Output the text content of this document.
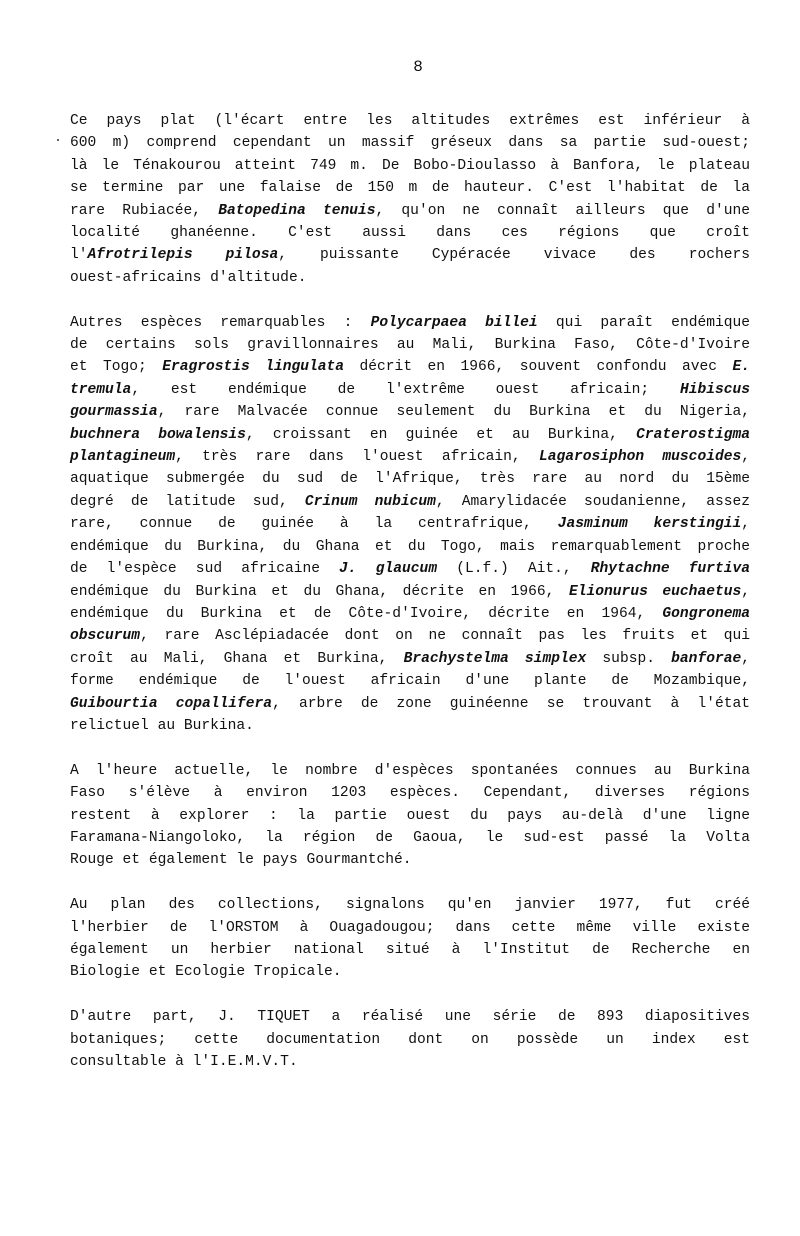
8
Ce pays plat (l'écart entre les altitudes extrêmes est inférieur à
600 m) comprend cependant un massif gréseux dans sa partie sud-ouest;
là le Ténakourou atteint 749 m. De Bobo-Dioulasso à Banfora, le plateau
se termine par une falaise de 150 m de hauteur. C'est l'habitat de la
rare Rubiacée, Batopedina tenuis, qu'on ne connaît ailleurs que d'une
localité ghanéenne. C'est aussi dans ces régions que croît
l'Afrotrilepis pilosa, puissante Cypéracée vivace des rochers
ouest-africains d'altitude.
Autres espèces remarquables : Polycarpaea billei qui paraît endémique
de certains sols gravillonnaires au Mali, Burkina Faso, Côte-d'Ivoire
et Togo; Eragrostis lingulata décrit en 1966, souvent confondu avec E.
tremula, est endémique de l'extrême ouest africain; Hibiscus
gourmassia, rare Malvacée connue seulement du Burkina et du Nigeria,
buchnera bowalensis, croissant en guinée et au Burkina, Craterostigma
plantagineum, très rare dans l'ouest africain, Lagarosiphon muscoides,
aquatique submergée du sud de l'Afrique, très rare au nord du 15ème
degré de latitude sud, Crinum nubicum, Amarylidacée soudanienne, assez
rare, connue de guinée à la centrafrique, Jasminum kerstingii,
endémique du Burkina, du Ghana et du Togo, mais remarquablement proche
de l'espèce sud africaine J. glaucum (L.f.) Ait., Rhytachne furtiva
endémique du Burkina et du Ghana, décrite en 1966, Elionurus euchaetus,
endémique du Burkina et de Côte-d'Ivoire, décrite en 1964, Gongronema
obscurum, rare Asclépiadacée dont on ne connaît pas les fruits et qui
croît au Mali, Ghana et Burkina, Brachystelma simplex subsp. banforae,
forme endémique de l'ouest africain d'une plante de Mozambique,
Guibourtia copallifera, arbre de zone guinéenne se trouvant à l'état
relictuel au Burkina.
A l'heure actuelle, le nombre d'espèces spontanées connues au Burkina
Faso s'élève à environ 1203 espèces. Cependant, diverses régions
restent à explorer : la partie ouest du pays au-delà d'une ligne
Faramana-Niangoloko, la région de Gaoua, le sud-est passé la Volta
Rouge et également le pays Gourmantché.
Au plan des collections, signalons qu'en janvier 1977, fut créé
l'herbier de l'ORSTOM à Ouagadougou; dans cette même ville existe
également un herbier national situé à l'Institut de Recherche en
Biologie et Ecologie Tropicale.
D'autre part, J. TIQUET a réalisé une série de 893 diapositives
botaniques; cette documentation dont on possède un index est
consultable à l'I.E.M.V.T.
